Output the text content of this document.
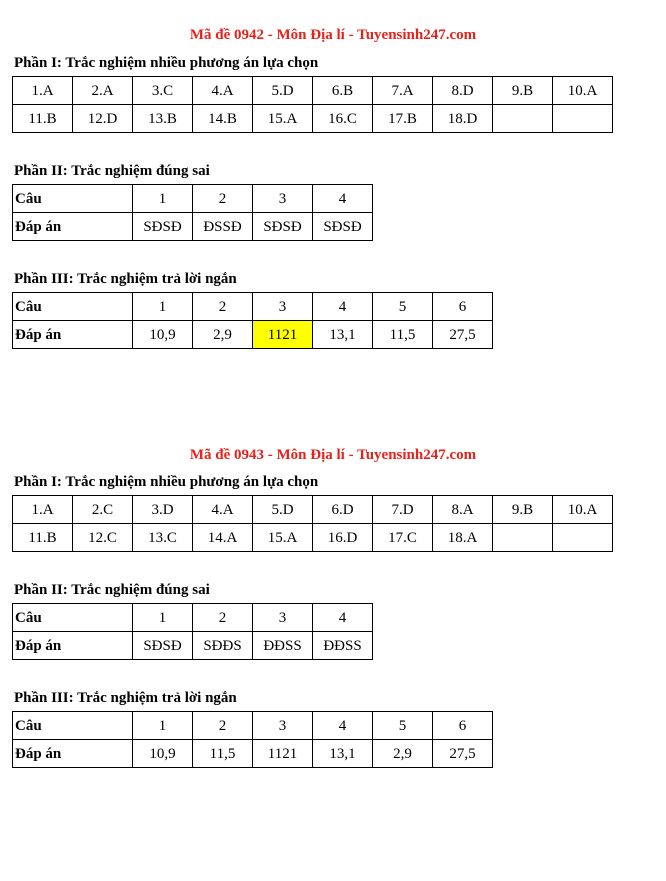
Mã đề 0942 - Môn Địa lí - Tuyensinh247.com
Phần I: Trắc nghiệm nhiều phương án lựa chọn
1.A	2.A	3.C	4.A	5.D	6.B	7.A	8.D	9.B	10.A
11.B	12.D	13.B	14.B	15.A	16.C	17.B	18.D		
Phần II: Trắc nghiệm đúng sai
Câu	1	2	3	4
Đáp án	SĐSĐ	ĐSSĐ	SĐSĐ	SĐSĐ
Phần III: Trắc nghiệm trả lời ngắn
Câu	1	2	3	4	5	6
Đáp án	10,9	2,9	1121	13,1	11,5	27,5
Mã đề 0943 - Môn Địa lí - Tuyensinh247.com
Phần I: Trắc nghiệm nhiều phương án lựa chọn
1.A	2.C	3.D	4.A	5.D	6.D	7.D	8.A	9.B	10.A
11.B	12.C	13.C	14.A	15.A	16.D	17.C	18.A		
Phần II: Trắc nghiệm đúng sai
Câu	1	2	3	4
Đáp án	SĐSĐ	SĐĐS	ĐĐSS	ĐĐSS
Phần III: Trắc nghiệm trả lời ngắn
Câu	1	2	3	4	5	6
Đáp án	10,9	11,5	1121	13,1	2,9	27,5
